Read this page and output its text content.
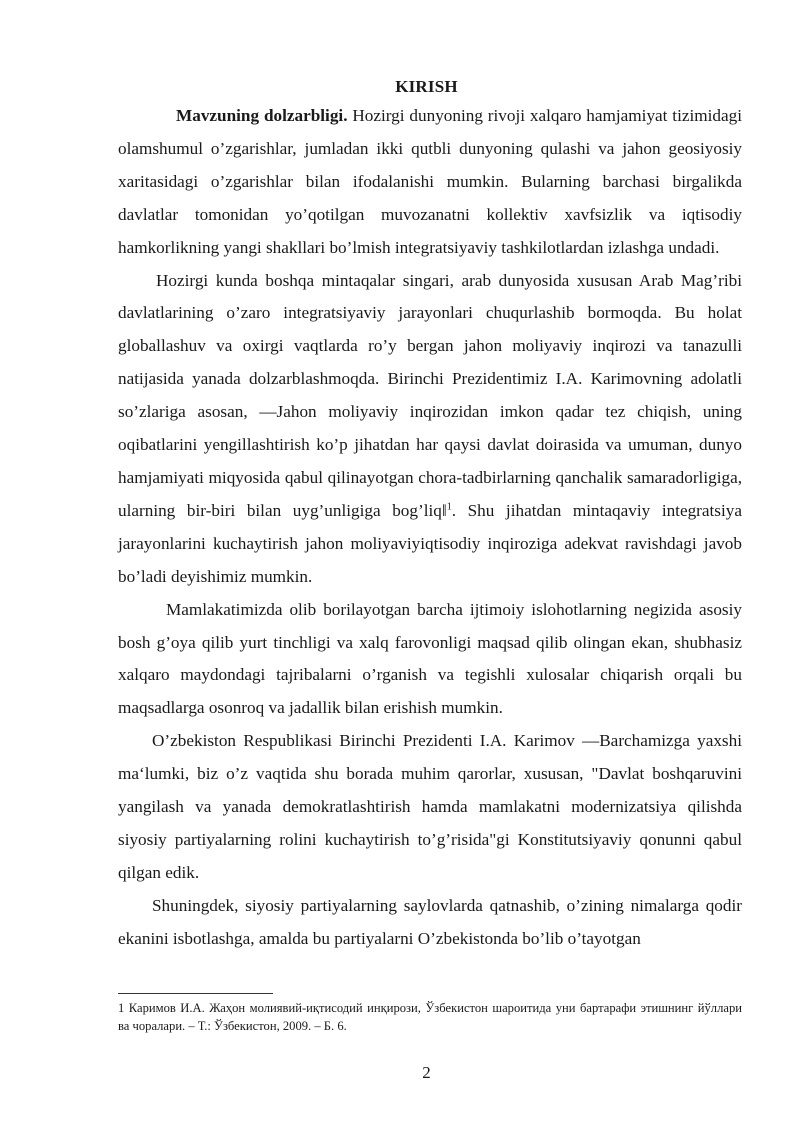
KIRISH

Mavzuning dolzarbligi. Hozirgi dunyoning rivoji xalqaro hamjamiyat tizimidagi olamshumul o’zgarishlar, jumladan ikki qutbli dunyoning qulashi va jahon geosiyosiy xaritasidagi o’zgarishlar bilan ifodalanishi mumkin. Bularning barchasi birgalikda davlatlar tomonidan yo’qotilgan muvozanatni kollektiv xavfsizlik va iqtisodiy hamkorlikning yangi shakllari bo’lmish integratsiyaviy tashkilotlardan izlashga undadi.

Hozirgi kunda boshqa mintaqalar singari, arab dunyosida xususan Arab Mag’ribi davlatlarining o’zaro integratsiyaviy jarayonlari chuqurlashib bormoqda. Bu holat globallashuv va oxirgi vaqtlarda ro’y bergan jahon moliyaviy inqirozi va tanazulli natijasida yanada dolzarblashmoqda. Birinchi Prezidentimiz I.A. Karimovning adolatli so’zlariga asosan, ―Jahon moliyaviy inqirozidan imkon qadar tez chiqish, uning oqibatlarini yengillashtirish ko’p jihatdan har qaysi davlat doirasida va umuman, dunyo hamjamiyati miqyosida qabul qilinayotgan chora-tadbirlarning qanchalik samaradorligiga, ularning bir-biri bilan uyg’unligiga bog’liq‖$^1$. Shu jihatdan mintaqaviy integratsiya jarayonlarini kuchaytirish jahon moliyaviyiqtisodiy inqiroziga adekvat ravishdagi javob bo’ladi deyishimiz mumkin.

Mamlakatimizda olib borilayotgan barcha ijtimoiy islohotlarning negizida asosiy bosh g’oya qilib yurt tinchligi va xalq farovonligi maqsad qilib olingan ekan, shubhasiz xalqaro maydondagi tajribalarni o’rganish va tegishli xulosalar chiqarish orqali bu maqsadlarga osonroq va jadallik bilan erishish mumkin.

O’zbekiston Respublikasi Birinchi Prezidenti I.A. Karimov ―Barchamizga yaxshi ma‘lumki, biz o’z vaqtida shu borada muhim qarorlar, xususan, "Davlat boshqaruvini yangilash va yanada demokratlashtirish hamda mamlakatni modernizatsiya qilishda siyosiy partiyalarning rolini kuchaytirish to’g’risida"gi Konstitutsiyaviy qonunni qabul qilgan edik.

Shuningdek, siyosiy partiyalarning saylovlarda qatnashib, o’zining nimalarga qodir ekanini isbotlashga, amalda bu partiyalarni O’zbekistonda bo’lib o’tayotgan

1 Каримов И.А. Жаҳон молиявий-иқтисодий инқирози, Ўзбекистон шароитида уни бартарафи этишнинг йўллари ва чоралари. – Т.: Ўзбекистон, 2009. – Б. 6.
2
